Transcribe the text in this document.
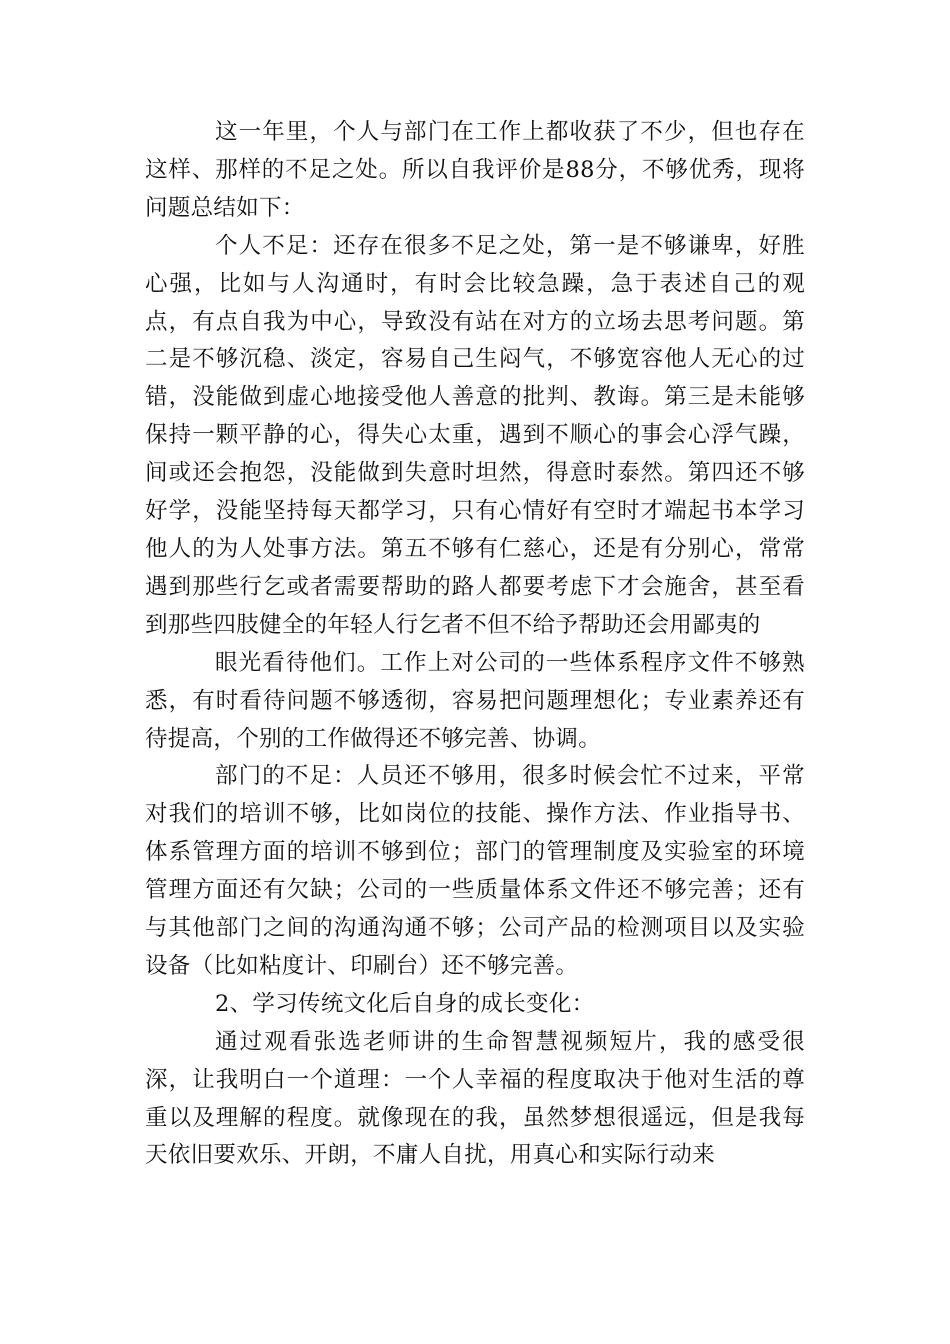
这一年里，个人与部门在工作上都收获了不少，但也存在这样、那样的不足之处。所以自我评价是88分，不够优秀，现将问题总结如下：

个人不足：还存在很多不足之处，第一是不够谦卑，好胜心强，比如与人沟通时，有时会比较急躁，急于表述自己的观点，有点自我为中心，导致没有站在对方的立场去思考问题。第二是不够沉稳、淡定，容易自己生闷气，不够宽容他人无心的过错，没能做到虚心地接受他人善意的批判、教诲。第三是未能够保持一颗平静的心，得失心太重，遇到不顺心的事会心浮气躁，间或还会抱怨，没能做到失意时坦然，得意时泰然。第四还不够好学，没能坚持每天都学习，只有心情好有空时才端起书本学习他人的为人处事方法。第五不够有仁慈心，还是有分别心，常常遇到那些行乞或者需要帮助的路人都要考虑下才会施舍，甚至看到那些四肢健全的年轻人行乞者不但不给予帮助还会用鄙夷的

眼光看待他们。工作上对公司的一些体系程序文件不够熟悉，有时看待问题不够透彻，容易把问题理想化；专业素养还有待提高，个别的工作做得还不够完善、协调。

部门的不足：人员还不够用，很多时候会忙不过来，平常对我们的培训不够，比如岗位的技能、操作方法、作业指导书、体系管理方面的培训不够到位；部门的管理制度及实验室的环境管理方面还有欠缺；公司的一些质量体系文件还不够完善；还有与其他部门之间的沟通沟通不够；公司产品的检测项目以及实验设备（比如粘度计、印刷台）还不够完善。

2、学习传统文化后自身的成长变化：

通过观看张选老师讲的生命智慧视频短片，我的感受很深，让我明白一个道理：一个人幸福的程度取决于他对生活的尊重以及理解的程度。就像现在的我，虽然梦想很遥远，但是我每天依旧要欢乐、开朗，不庸人自扰，用真心和实际行动来
